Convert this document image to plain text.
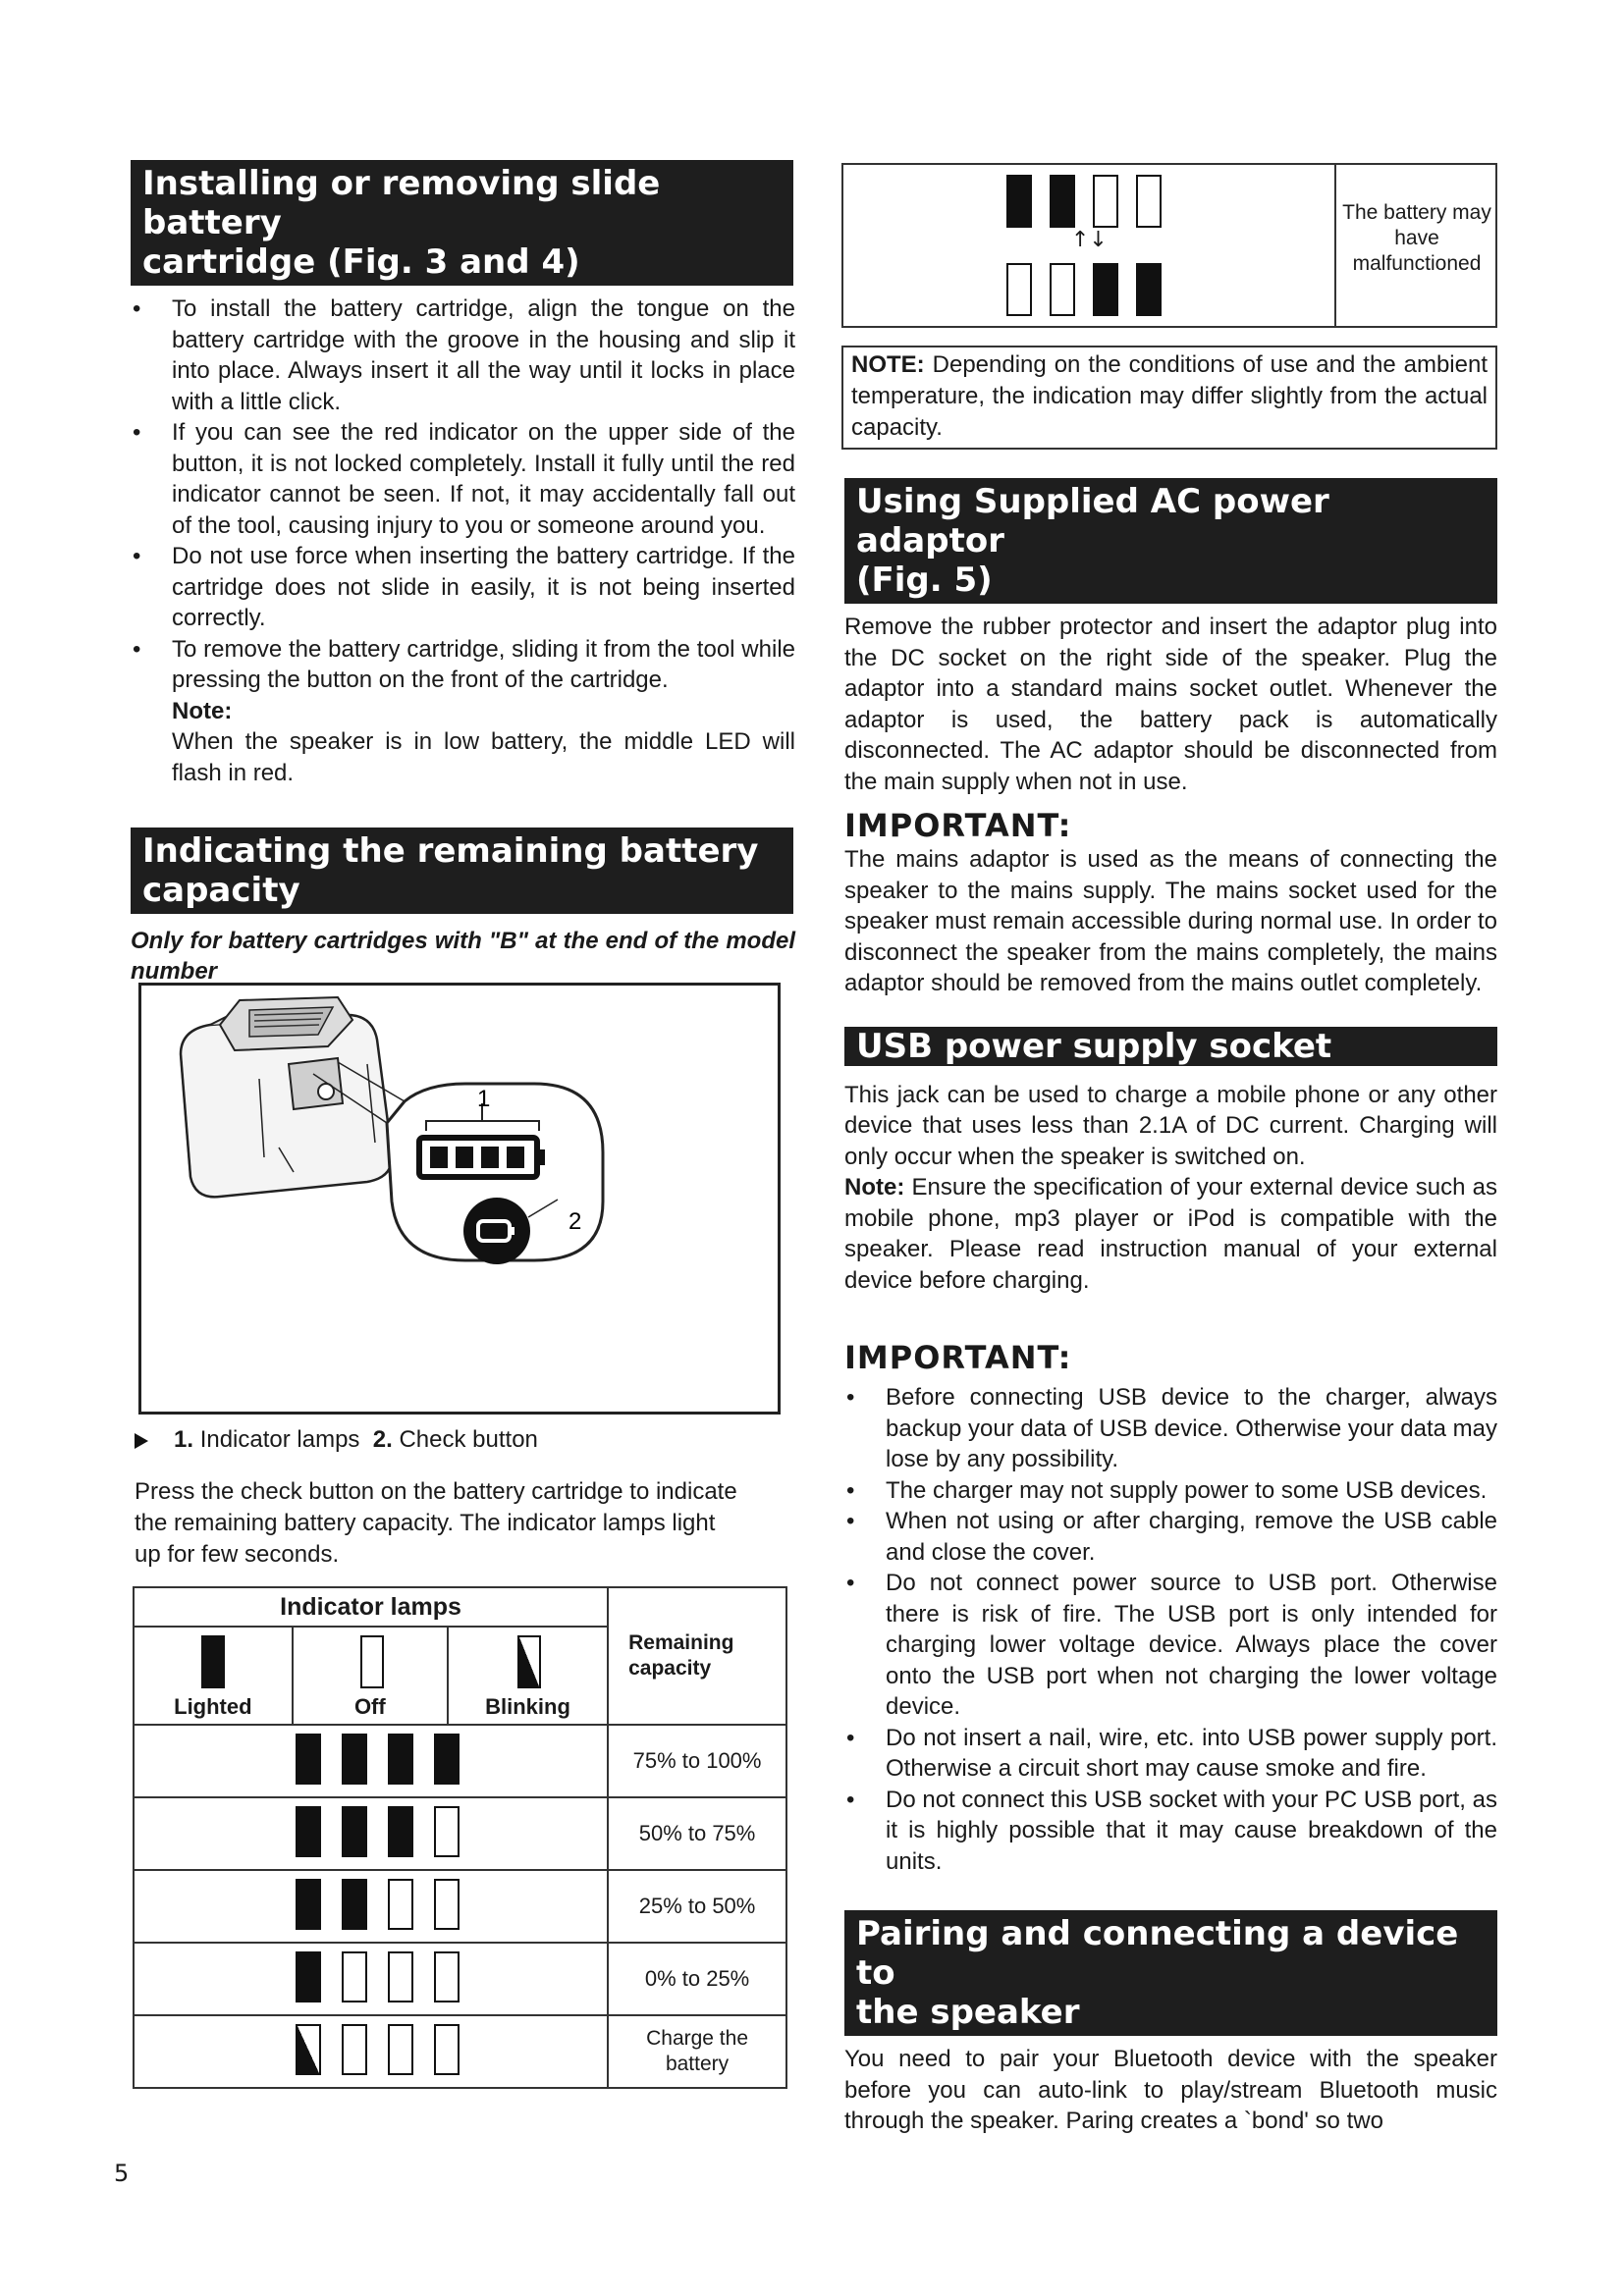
Installing or removing slide battery
cartridge (Fig. 3 and 4)
• To install the battery cartridge, align the tongue on the battery cartridge with the groove in the housing and slip it into place. Always insert it all the way until it locks in place with a little click.
• If you can see the red indicator on the upper side of the button, it is not locked completely. Install it fully until the red indicator cannot be seen. If not, it may accidentally fall out of the tool, causing injury to you or someone around you.
• Do not use force when inserting the battery cartridge. If the cartridge does not slide in easily, it is not being inserted correctly.
• To remove the battery cartridge, sliding it from the tool while pressing the button on the front of the cartridge.
Note:
When the speaker is in low battery, the middle LED will flash in red.
Indicating the remaining battery
capacity
Only for battery cartridges with "B" at the end of the model number
1
2
1. Indicator lamps 2. Check button
Press the check button on the battery cartridge to indicate the remaining battery capacity. The indicator lamps light up for few seconds.
Indicator lamps			Remaining capacity

Lighted	Off	Blinking	

			75% to 100%

			50% to 75%

			25% to 50%

			0% to 25%

			Charge the battery
5
↑↓
The battery may have malfunctioned
NOTE: Depending on the conditions of use and the ambient temperature, the indication may differ slightly from the actual capacity.
Using Supplied AC power adaptor
(Fig. 5)

Remove the rubber protector and insert the adaptor plug into the DC socket on the right side of the speaker. Plug the adaptor into a standard mains socket outlet. Whenever the adaptor is used, the battery pack is automatically disconnected. The AC adaptor should be disconnected from the main supply when not in use.

IMPORTANT:

The mains adaptor is used as the means of connecting the speaker to the mains supply. The mains socket used for the speaker must remain accessible during normal use. In order to disconnect the speaker from the mains completely, the mains adaptor should be removed from the mains outlet completely.

USB power supply socket

This jack can be used to charge a mobile phone or any other device that uses less than 2.1A of DC current. Charging will only occur when the speaker is switched on.

Note: Ensure the specification of your external device such as mobile phone, mp3 player or iPod is compatible with the speaker. Please read instruction manual of your external device before charging.

IMPORTANT:

• Before connecting USB device to the charger, always backup your data of USB device. Otherwise your data may lose by any possibility.
• The charger may not supply power to some USB devices.
• When not using or after charging, remove the USB cable and close the cover.
• Do not connect power source to USB port. Otherwise there is risk of fire. The USB port is only intended for charging lower voltage device. Always place the cover onto the USB port when not charging the lower voltage device.
• Do not insert a nail, wire, etc. into USB power supply port. Otherwise a circuit short may cause smoke and fire.
• Do not connect this USB socket with your PC USB port, as it is highly possible that it may cause breakdown of the units.
Pairing and connecting a device to
the speaker

You need to pair your Bluetooth device with the speaker before you can auto-link to play/stream Bluetooth music through the speaker. Paring creates a `bond' so two
